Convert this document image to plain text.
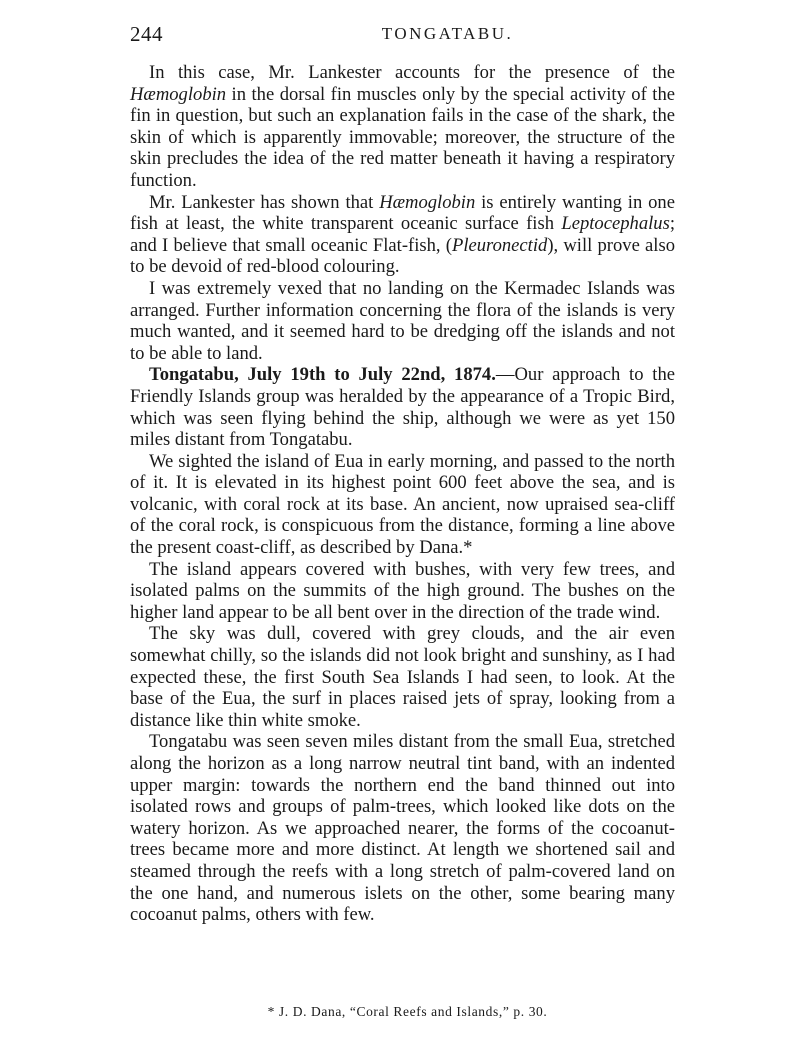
244	TONGATABU.

In this case, Mr. Lankester accounts for the presence of the Hæmoglobin in the dorsal fin muscles only by the special activity of the fin in question, but such an explanation fails in the case of the shark, the skin of which is apparently immovable; moreover, the structure of the skin precludes the idea of the red matter beneath it having a respiratory function.

Mr. Lankester has shown that Hæmoglobin is entirely wanting in one fish at least, the white transparent oceanic surface fish Leptocephalus; and I believe that small oceanic Flat-fish, (Pleuronectid), will prove also to be devoid of red-blood colouring.

I was extremely vexed that no landing on the Kermadec Islands was arranged. Further information concerning the flora of the islands is very much wanted, and it seemed hard to be dredging off the islands and not to be able to land.

Tongatabu, July 19th to July 22nd, 1874.—Our approach to the Friendly Islands group was heralded by the appearance of a Tropic Bird, which was seen flying behind the ship, although we were as yet 150 miles distant from Tongatabu.

We sighted the island of Eua in early morning, and passed to the north of it. It is elevated in its highest point 600 feet above the sea, and is volcanic, with coral rock at its base. An ancient, now upraised sea-cliff of the coral rock, is conspicuous from the distance, forming a line above the present coast-cliff, as described by Dana.*

The island appears covered with bushes, with very few trees, and isolated palms on the summits of the high ground. The bushes on the higher land appear to be all bent over in the direction of the trade wind.

The sky was dull, covered with grey clouds, and the air even somewhat chilly, so the islands did not look bright and sunshiny, as I had expected these, the first South Sea Islands I had seen, to look. At the base of the Eua, the surf in places raised jets of spray, looking from a distance like thin white smoke.

Tongatabu was seen seven miles distant from the small Eua, stretched along the horizon as a long narrow neutral tint band, with an indented upper margin: towards the northern end the band thinned out into isolated rows and groups of palm-trees, which looked like dots on the watery horizon. As we approached nearer, the forms of the cocoanut-trees became more and more distinct. At length we shortened sail and steamed through the reefs with a long stretch of palm-covered land on the one hand, and numerous islets on the other, some bearing many cocoanut palms, others with few.

* J. D. Dana, “Coral Reefs and Islands,” p. 30.
